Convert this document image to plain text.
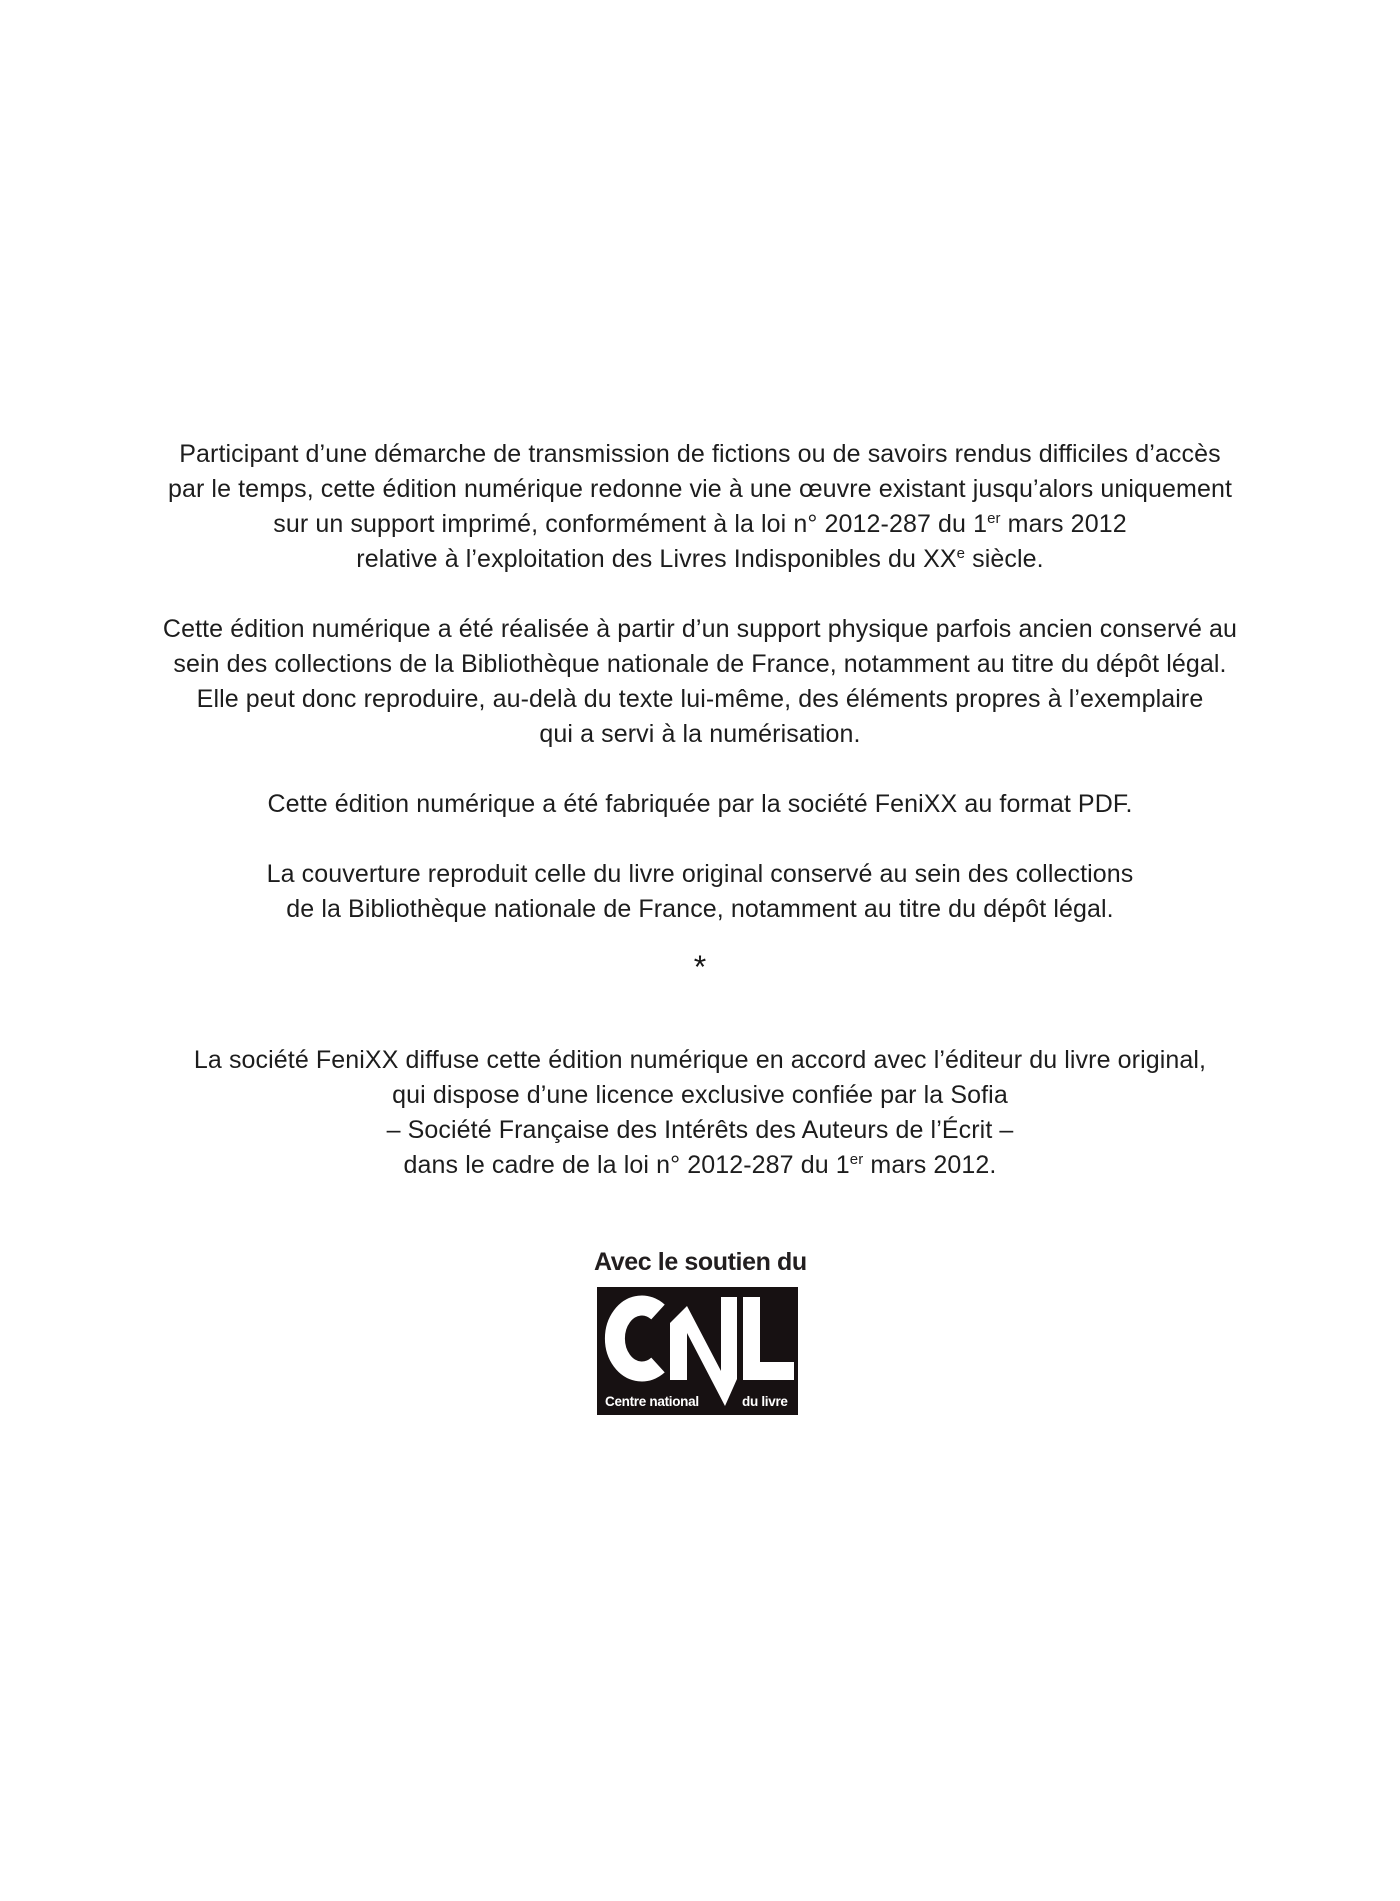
Participant d’une démarche de transmission de fictions ou de savoirs rendus difficiles d’accès
par le temps, cette édition numérique redonne vie à une œuvre existant jusqu’alors uniquement
sur un support imprimé, conformément à la loi n° 2012-287 du 1er mars 2012
relative à l’exploitation des Livres Indisponibles du XXe siècle.
Cette édition numérique a été réalisée à partir d’un support physique parfois ancien conservé au
sein des collections de la Bibliothèque nationale de France, notamment au titre du dépôt légal.
Elle peut donc reproduire, au-delà du texte lui-même, des éléments propres à l’exemplaire
qui a servi à la numérisation.
Cette édition numérique a été fabriquée par la société FeniXX au format PDF.
La couverture reproduit celle du livre original conservé au sein des collections
de la Bibliothèque nationale de France, notamment au titre du dépôt légal.
*
La société FeniXX diffuse cette édition numérique en accord avec l’éditeur du livre original,
qui dispose d’une licence exclusive confiée par la Sofia
– Société Française des Intérêts des Auteurs de l’Écrit –
dans le cadre de la loi n° 2012-287 du 1er mars 2012.
Avec le soutien du
Centre national	du livre
